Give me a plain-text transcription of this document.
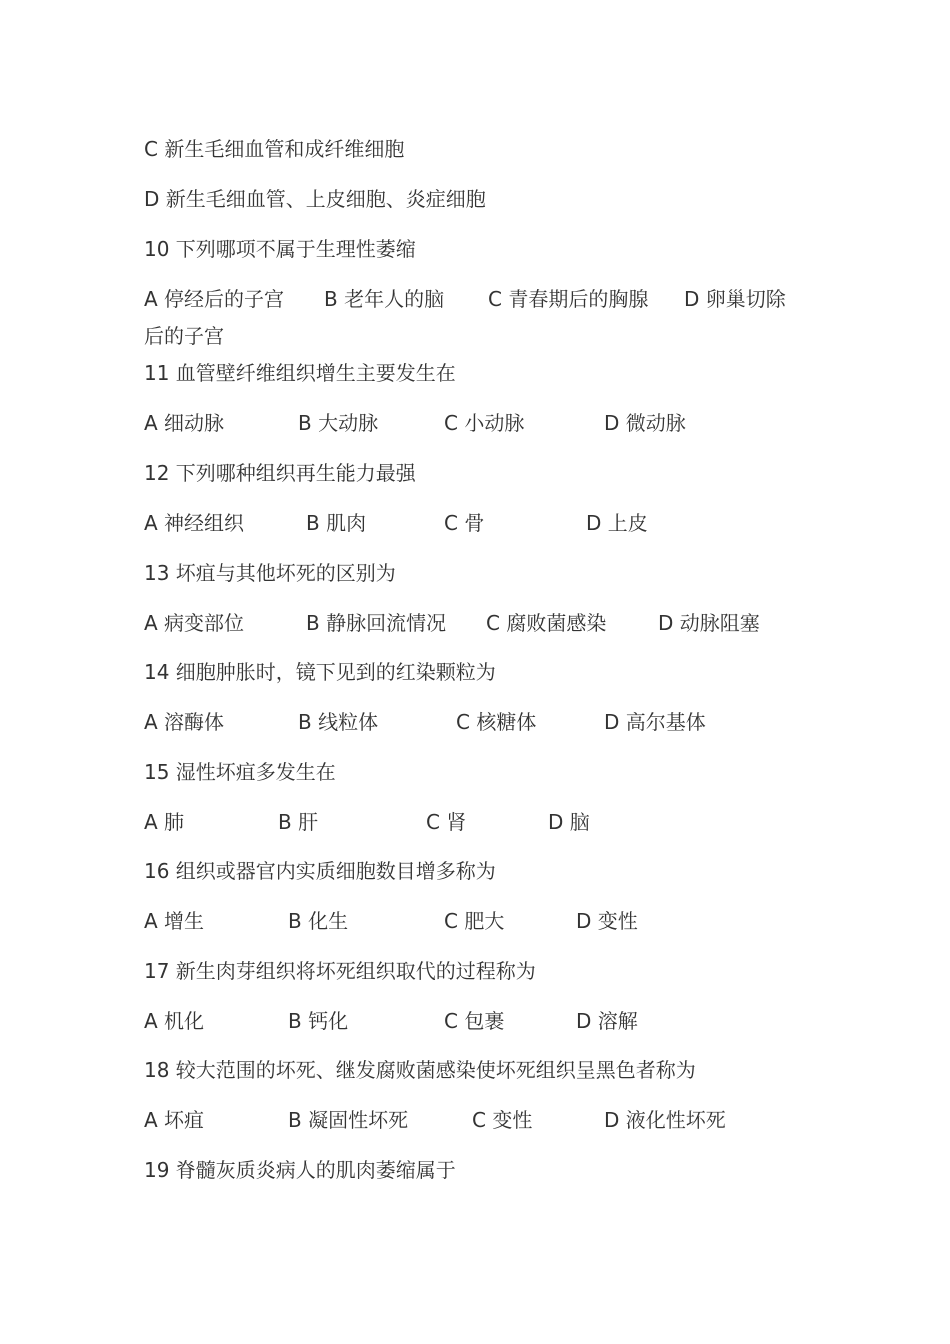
C 新生毛细血管和成纤维细胞

D 新生毛细血管、上皮细胞、炎症细胞

10 下列哪项不属于生理性萎缩

A 停经后的子宫 B 老年人的脑 C 青春期后的胸腺 D 卵巢切除

后的子宫

11 血管壁纤维组织增生主要发生在

A 细动脉	B 大动脉	C 小动脉	D 微动脉

12 下列哪种组织再生能力最强

A 神经组织	B 肌肉	C 骨	D 上皮

13 坏疽与其他坏死的区别为

A 病变部位	B 静脉回流情况 C 腐败菌感染	D 动脉阻塞

14 细胞肿胀时，镜下见到的红染颗粒为

A 溶酶体	B 线粒体	C 核糖体	D 高尔基体

15 湿性坏疽多发生在

A 肺	B 肝	C 肾	D 脑

16 组织或器官内实质细胞数目增多称为

A 增生	B 化生	C 肥大	D 变性

17 新生肉芽组织将坏死组织取代的过程称为

A 机化	B 钙化	C 包裹	D 溶解

18 较大范围的坏死、继发腐败菌感染使坏死组织呈黑色者称为

A 坏疽	B 凝固性坏死	C 变性	D 液化性坏死

19 脊髓灰质炎病人的肌肉萎缩属于
